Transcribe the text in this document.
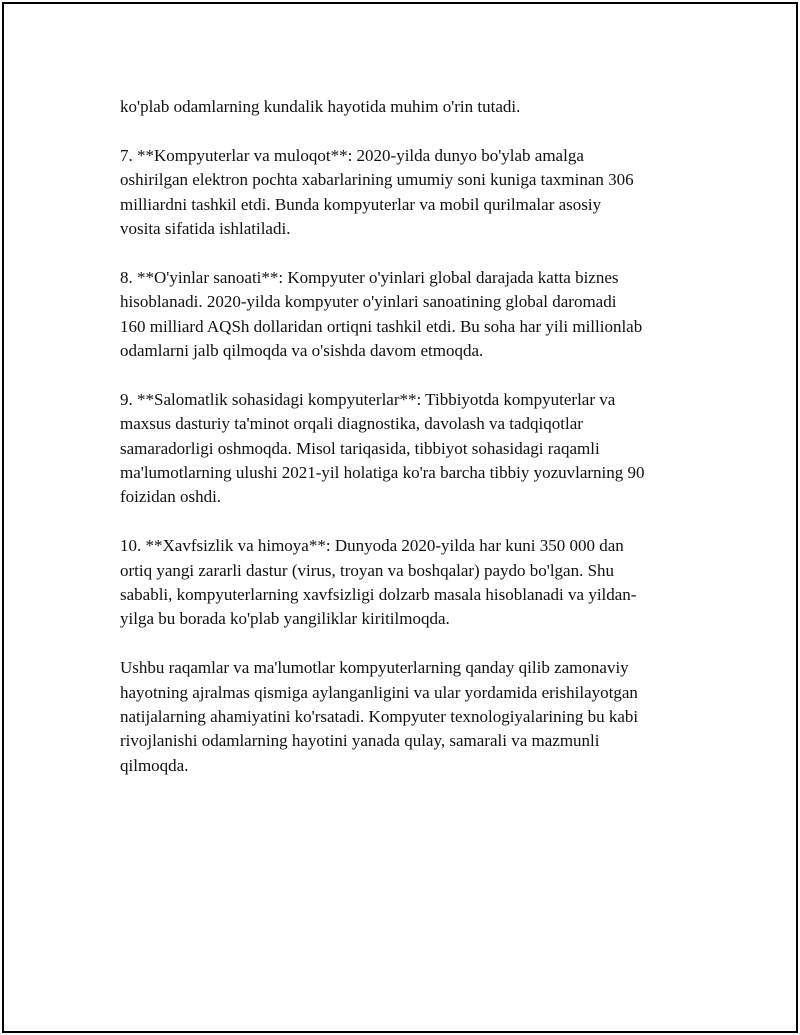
ko'plab odamlarning kundalik hayotida muhim o'rin tutadi.

7. **Kompyuterlar va muloqot**: 2020-yilda dunyo bo'ylab amalga
oshirilgan elektron pochta xabarlarining umumiy soni kuniga taxminan 306
milliardni tashkil etdi. Bunda kompyuterlar va mobil qurilmalar asosiy
vosita sifatida ishlatiladi.

8. **O'yinlar sanoati**: Kompyuter o'yinlari global darajada katta biznes
hisoblanadi. 2020-yilda kompyuter o'yinlari sanoatining global daromadi
160 milliard AQSh dollaridan ortiqni tashkil etdi. Bu soha har yili millionlab
odamlarni jalb qilmoqda va o'sishda davom etmoqda.

9. **Salomatlik sohasidagi kompyuterlar**: Tibbiyotda kompyuterlar va
maxsus dasturiy ta'minot orqali diagnostika, davolash va tadqiqotlar
samaradorligi oshmoqda. Misol tariqasida, tibbiyot sohasidagi raqamli
ma'lumotlarning ulushi 2021-yil holatiga ko'ra barcha tibbiy yozuvlarning 90
foizidan oshdi.

10. **Xavfsizlik va himoya**: Dunyoda 2020-yilda har kuni 350 000 dan
ortiq yangi zararli dastur (virus, troyan va boshqalar) paydo bo'lgan. Shu
sababli, kompyuterlarning xavfsizligi dolzarb masala hisoblanadi va yildan-
yilga bu borada ko'plab yangiliklar kiritilmoqda.

Ushbu raqamlar va ma'lumotlar kompyuterlarning qanday qilib zamonaviy
hayotning ajralmas qismiga aylanganligini va ular yordamida erishilayotgan
natijalarning ahamiyatini ko'rsatadi. Kompyuter texnologiyalarining bu kabi
rivojlanishi odamlarning hayotini yanada qulay, samarali va mazmunli
qilmoqda.
